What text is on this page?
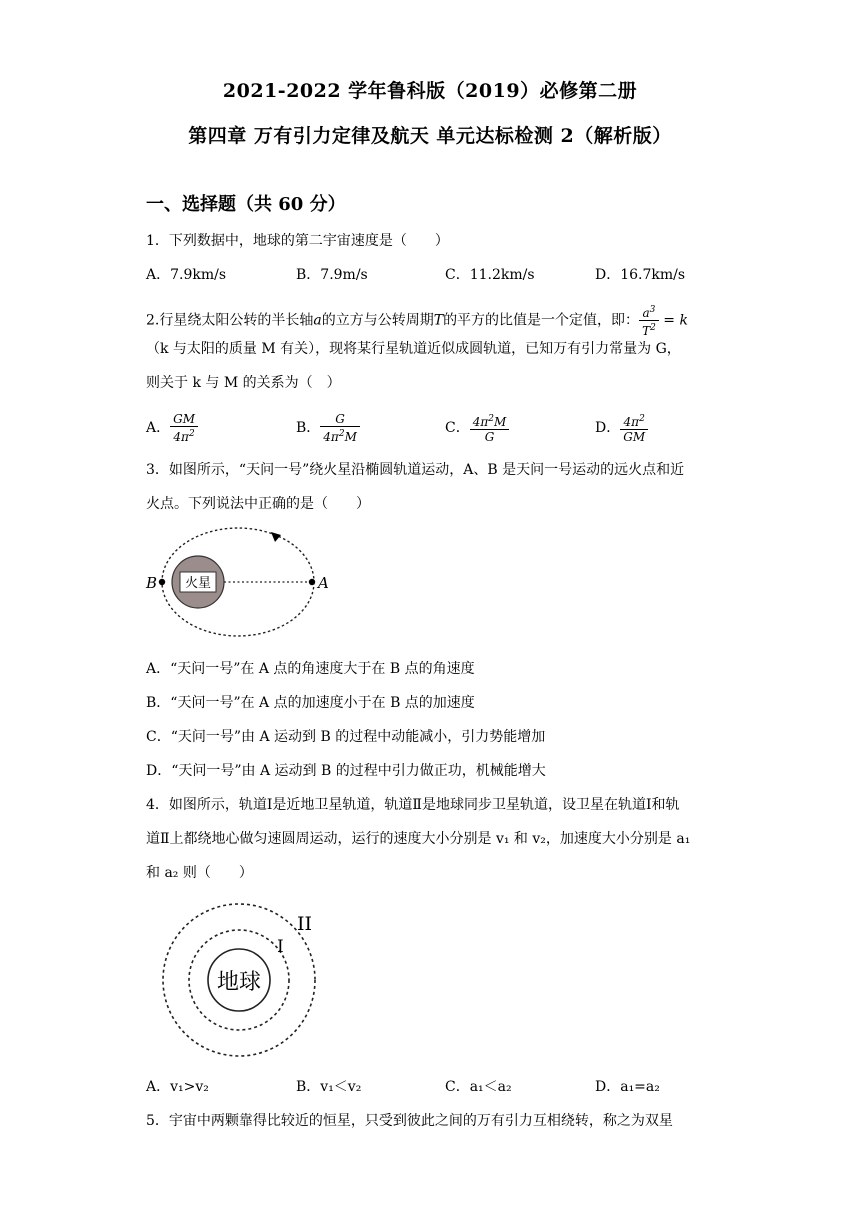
2021-2022 学年鲁科版（2019）必修第二册
第四章 万有引力定律及航天 单元达标检测 2（解析版）
一、选择题（共 60 分）
1．下列数据中，地球的第二宇宙速度是（　　）
A．7.9km/s	B．7.9m/s	C．11.2km/s	D．16.7km/s
2.行星绕太阳公转的半长轴a的立方与公转周期T的平方的比值是一个定值，即： $\frac{a^3}{T^2} = k$
（k 与太阳的质量 M 有关），现将某行星轨道近似成圆轨道，已知万有引力常量为 G，
则关于 k 与 M 的关系为（　）
A． $\frac{GM}{4\pi^2}$	B． $\frac{G}{4\pi^2M}$	C． $\frac{4\pi^2M}{G}$	D． $\frac{4\pi^2}{GM}$
3．如图所示，“天问一号”绕火星沿椭圆轨道运动，A、B 是天问一号运动的远火点和近
火点。下列说法中正确的是（　　）
火星
B	A
A．“天问一号”在 A 点的角速度大于在 B 点的角速度
B．“天问一号”在 A 点的加速度小于在 B 点的加速度
C．“天问一号”由 A 运动到 B 的过程中动能减小，引力势能增加
D．“天问一号”由 A 运动到 B 的过程中引力做正功，机械能增大
4．如图所示，轨道Ⅰ是近地卫星轨道，轨道Ⅱ是地球同步卫星轨道，设卫星在轨道Ⅰ和轨
道Ⅱ上都绕地心做匀速圆周运动，运行的速度大小分别是 v₁ 和 v₂，加速度大小分别是 a₁
和 a₂ 则（　　）
地球
I
II
A．v₁>v₂	B．v₁＜v₂	C．a₁＜a₂	D．a₁=a₂
5．宇宙中两颗靠得比较近的恒星，只受到彼此之间的万有引力互相绕转，称之为双星
